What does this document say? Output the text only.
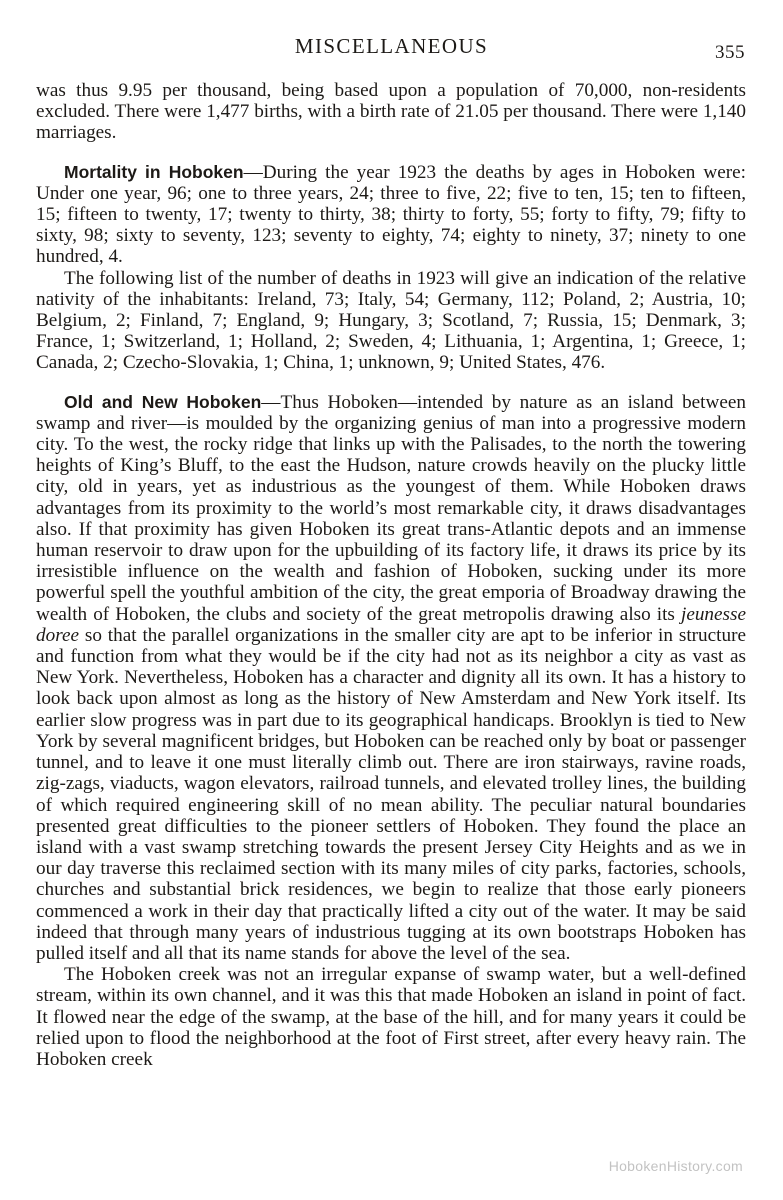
MISCELLANEOUS	355

was thus 9.95 per thousand, being based upon a population of 70,000, non-residents excluded. There were 1,477 births, with a birth rate of 21.05 per thousand. There were 1,140 marriages.

Mortality in Hoboken—During the year 1923 the deaths by ages in Hoboken were: Under one year, 96; one to three years, 24; three to five, 22; five to ten, 15; ten to fifteen, 15; fifteen to twenty, 17; twenty to thirty, 38; thirty to forty, 55; forty to fifty, 79; fifty to sixty, 98; sixty to seventy, 123; seventy to eighty, 74; eighty to ninety, 37; ninety to one hundred, 4.

The following list of the number of deaths in 1923 will give an indication of the relative nativity of the inhabitants: Ireland, 73; Italy, 54; Germany, 112; Poland, 2; Austria, 10; Belgium, 2; Finland, 7; England, 9; Hungary, 3; Scotland, 7; Russia, 15; Denmark, 3; France, 1; Switzerland, 1; Holland, 2; Sweden, 4; Lithuania, 1; Argentina, 1; Greece, 1; Canada, 2; Czecho-Slovakia, 1; China, 1; unknown, 9; United States, 476.

Old and New Hoboken—Thus Hoboken—intended by nature as an island between swamp and river—is moulded by the organizing genius of man into a progressive modern city. To the west, the rocky ridge that links up with the Palisades, to the north the towering heights of King’s Bluff, to the east the Hudson, nature crowds heavily on the plucky little city, old in years, yet as industrious as the youngest of them. While Hoboken draws advantages from its proximity to the world’s most remarkable city, it draws disadvantages also. If that proximity has given Hoboken its great trans-Atlantic depots and an immense human reservoir to draw upon for the upbuilding of its factory life, it draws its price by its irresistible influence on the wealth and fashion of Hoboken, sucking under its more powerful spell the youthful ambition of the city, the great emporia of Broadway drawing the wealth of Hoboken, the clubs and society of the great metropolis drawing also its jeunesse doree so that the parallel organizations in the smaller city are apt to be inferior in structure and function from what they would be if the city had not as its neighbor a city as vast as New York. Nevertheless, Hoboken has a character and dignity all its own. It has a history to look back upon almost as long as the history of New Amsterdam and New York itself. Its earlier slow progress was in part due to its geographical handicaps. Brooklyn is tied to New York by several magnificent bridges, but Hoboken can be reached only by boat or passenger tunnel, and to leave it one must literally climb out. There are iron stairways, ravine roads, zig-zags, viaducts, wagon elevators, railroad tunnels, and elevated trolley lines, the building of which required engineering skill of no mean ability. The peculiar natural boundaries presented great difficulties to the pioneer settlers of Hoboken. They found the place an island with a vast swamp stretching towards the present Jersey City Heights and as we in our day traverse this reclaimed section with its many miles of city parks, factories, schools, churches and substantial brick residences, we begin to realize that those early pioneers commenced a work in their day that practically lifted a city out of the water. It may be said indeed that through many years of industrious tugging at its own bootstraps Hoboken has pulled itself and all that its name stands for above the level of the sea.

The Hoboken creek was not an irregular expanse of swamp water, but a well-defined stream, within its own channel, and it was this that made Hoboken an island in point of fact. It flowed near the edge of the swamp, at the base of the hill, and for many years it could be relied upon to flood the neighborhood at the foot of First street, after every heavy rain. The Hoboken creek

HobokenHistory.com
